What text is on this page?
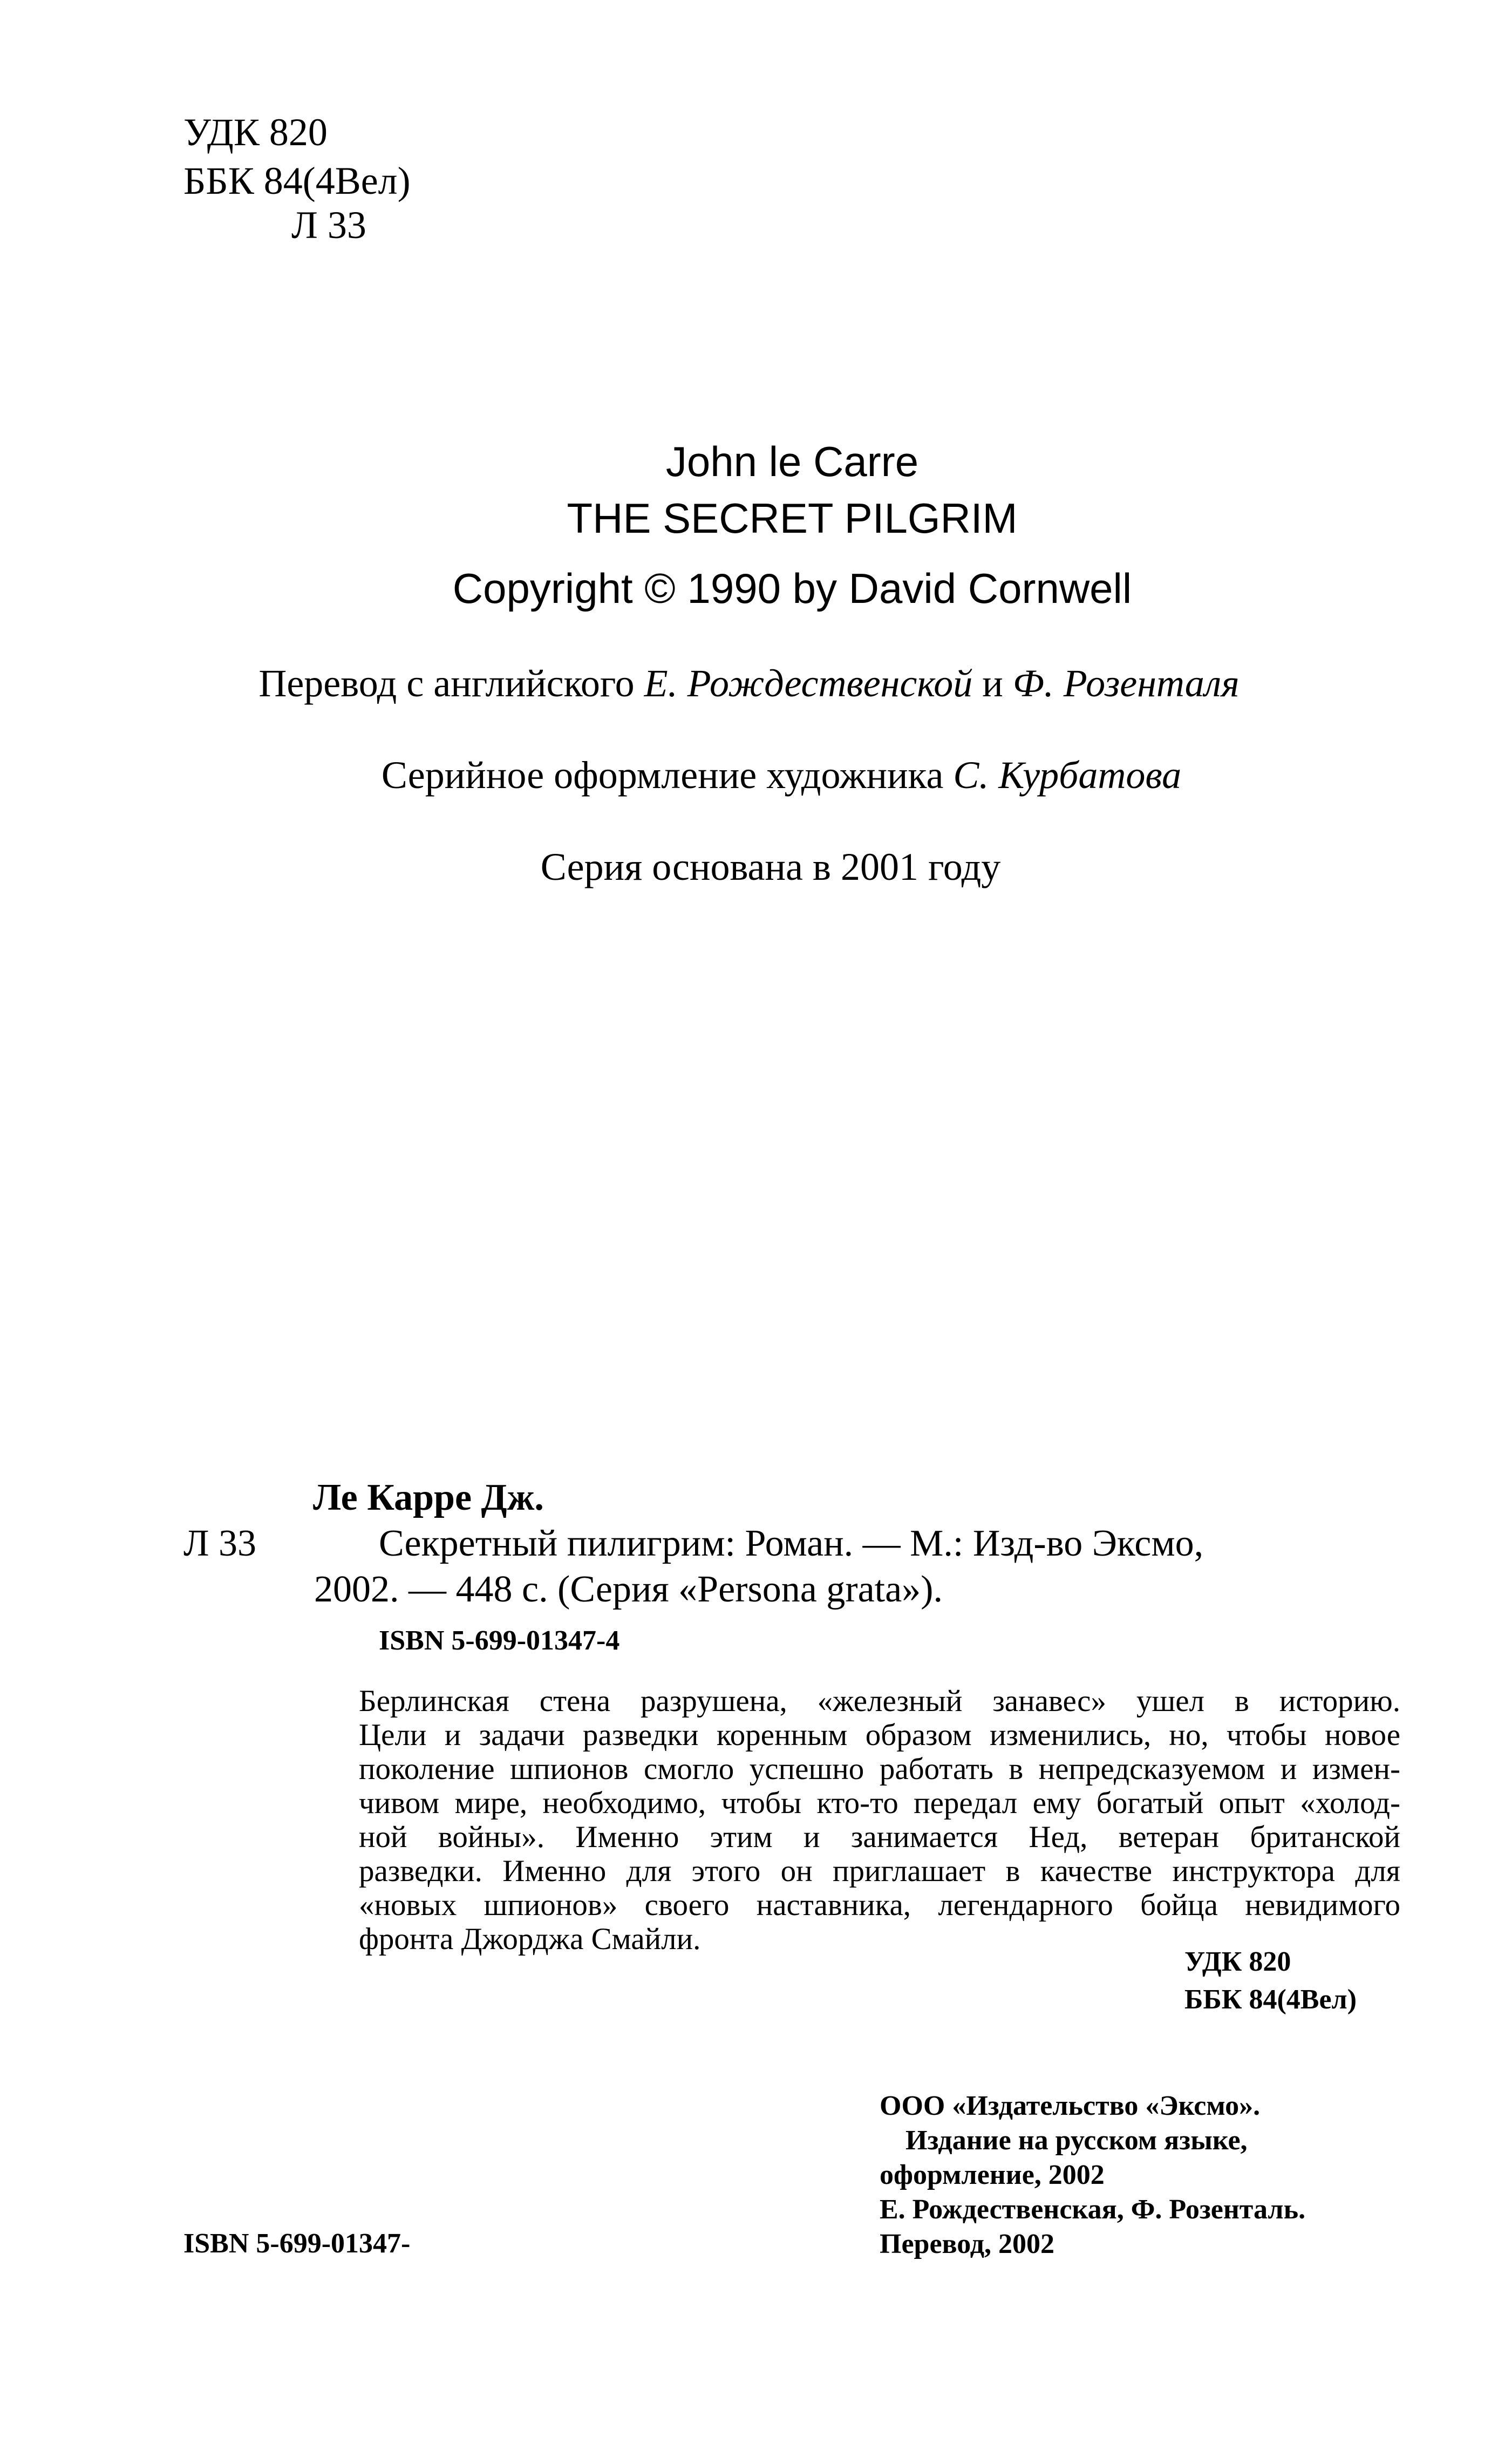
УДК 820
ББК 84(4Вел)
Л 33
John le Carre
THE SECRET PILGRIM
Copyright © 1990 by David Cornwell
Перевод с английского Е. Рождественской и Ф. Розенталя
Серийное оформление художника С. Курбатова
Серия основана в 2001 году
Ле Карре Дж.
Л 33	Секретный пилигрим: Роман. — М.: Изд-во Эксмо,
2002. — 448 с. (Серия «Persona grata»).
ISBN 5-699-01347-4
Берлинская стена разрушена, «железный занавес» ушел в историю.
Цели и задачи разведки коренным образом изменились, но, чтобы новое
поколение шпионов смогло успешно работать в непредсказуемом и измен-
чивом мире, необходимо, чтобы кто-то передал ему богатый опыт «холод-
ной войны». Именно этим и занимается Нед, ветеран британской
разведки. Именно для этого он приглашает в качестве инструктора для
«новых шпионов» своего наставника, легендарного бойца невидимого
фронта Джорджа Смайли.
УДК 820
ББК 84(4Вел)
ООО «Издательство «Эксмо».
Издание на русском языке,
оформление, 2002
Е. Рождественская, Ф. Розенталь.
Перевод, 2002
ISBN 5-699-01347-
